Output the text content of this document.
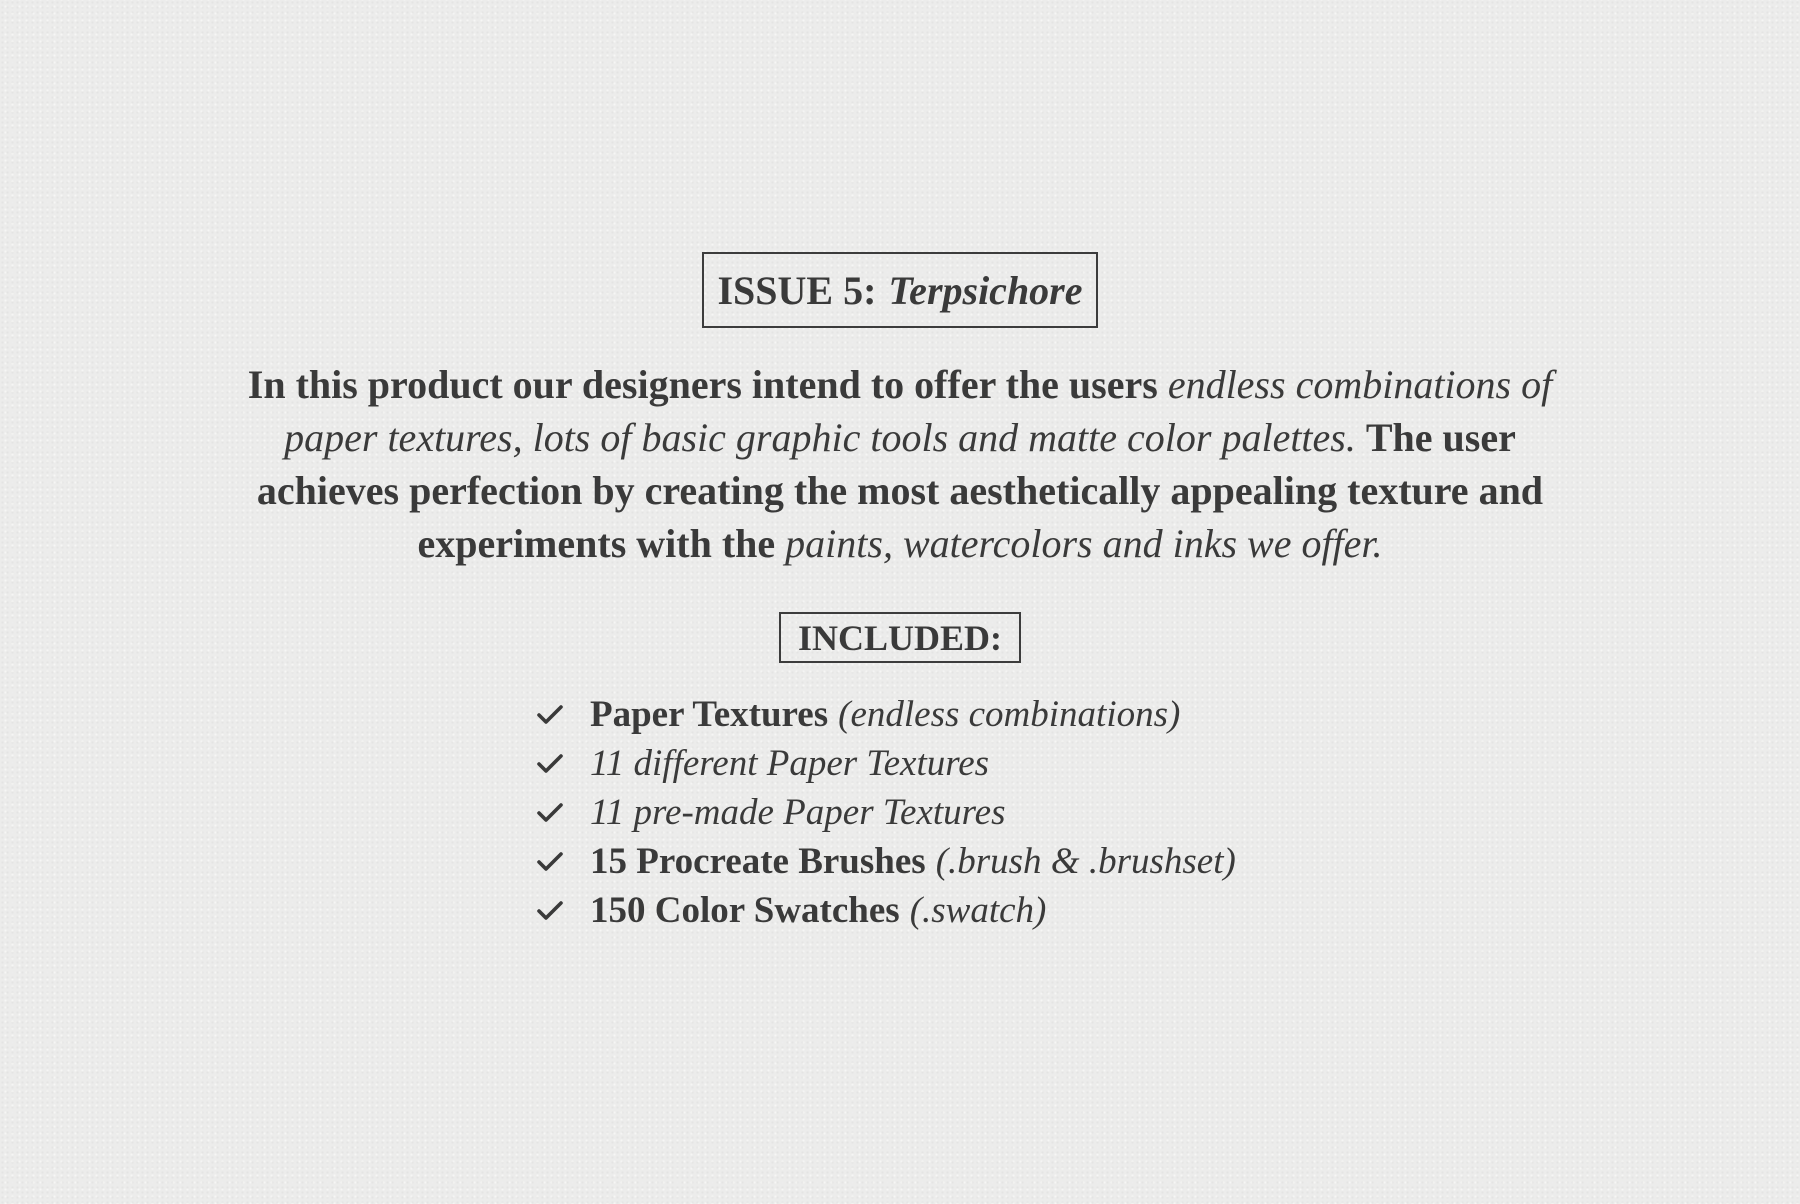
ISSUE 5: Terpsichore
In this product our designers intend to offer the users endless combinations of paper textures, lots of basic graphic tools and matte color palettes. The user achieves perfection by creating the most aesthetically appealing texture and experiments with the paints, watercolors and inks we offer.
INCLUDED:
Paper Textures (endless combinations)
11 different Paper Textures
11 pre-made Paper Textures
15 Procreate Brushes (.brush & .brushset)
150 Color Swatches (.swatch)
